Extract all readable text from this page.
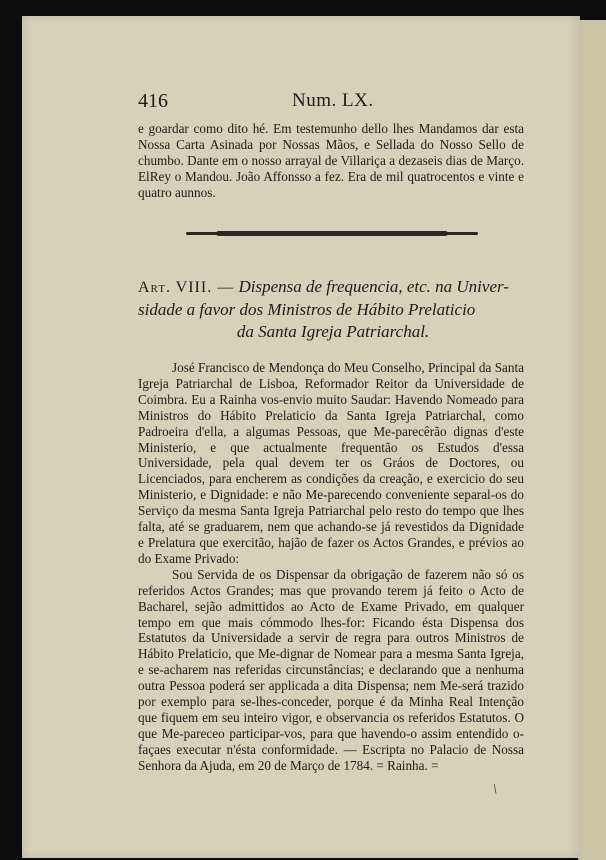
416	Num. LX.

e goardar como dito hé. Em testemunho dello lhes Mandamos dar esta Nossa Carta Asinada por Nossas Mãos, e Sellada do Nosso Sello de chumbo. Dante em o nosso arrayal de Villariça a dezaseis dias de Março. ElRey o Mandou. João Affonsso a fez. Era de mil quatrocentos e vinte e quatro aunnos.

Art. VIII. — Dispensa de frequencia, etc. na Univer-
sidade a favor dos Ministros de Hábito Prelaticio
da Santa Igreja Patriarchal.

José Francisco de Mendonça do Meu Conselho, Principal da Santa Igreja Patriarchal de Lisboa, Reformador Reitor da Universidade de Coimbra. Eu a Rainha vos-envio muito Saudar: Havendo Nomeado para Ministros do Hábito Prelaticio da Santa Igreja Patriarchal, como Padroeira d'ella, a algumas Pessoas, que Me-parecêrão dignas d'este Ministerio, e que actualmente frequentão os Estudos d'essa Universidade, pela qual devem ter os Gráos de Doctores, ou Licenciados, para encherem as condições da creação, e exercicio do seu Ministerio, e Dignidade: e não Me-parecendo conveniente separal-os do Serviço da mesma Santa Igreja Patriarchal pelo resto do tempo que lhes falta, até se graduarem, nem que achando-se já revestidos da Dignidade e Prelatura que exercitão, hajão de fazer os Actos Grandes, e prévios ao do Exame Privado:

Sou Servida de os Dispensar da obrigação de fazerem não só os referidos Actos Grandes; mas que provando terem já feito o Acto de Bacharel, sejão admittidos ao Acto de Exame Privado, em qualquer tempo em que mais cómmodo lhes-for: Ficando ésta Dispensa dos Estatutos da Universidade a servir de regra para outros Ministros de Hábito Prelaticio, que Me-dignar de Nomear para a mesma Santa Igreja, e se-acharem nas referidas circunstâncias; e declarando que a nenhuma outra Pessoa poderá ser applicada a dita Dispensa; nem Me-será trazido por exemplo para se-lhes-conceder, porque é da Minha Real Intenção que fiquem em seu inteiro vigor, e observancia os referidos Estatutos. O que Me-pareceo participar-vos, para que havendo-o assim entendido o-façaes executar n'ésta conformidade. — Escripta no Palacio de Nossa Senhora da Ajuda, em 20 de Março de 1784. = Rainha. =

/
